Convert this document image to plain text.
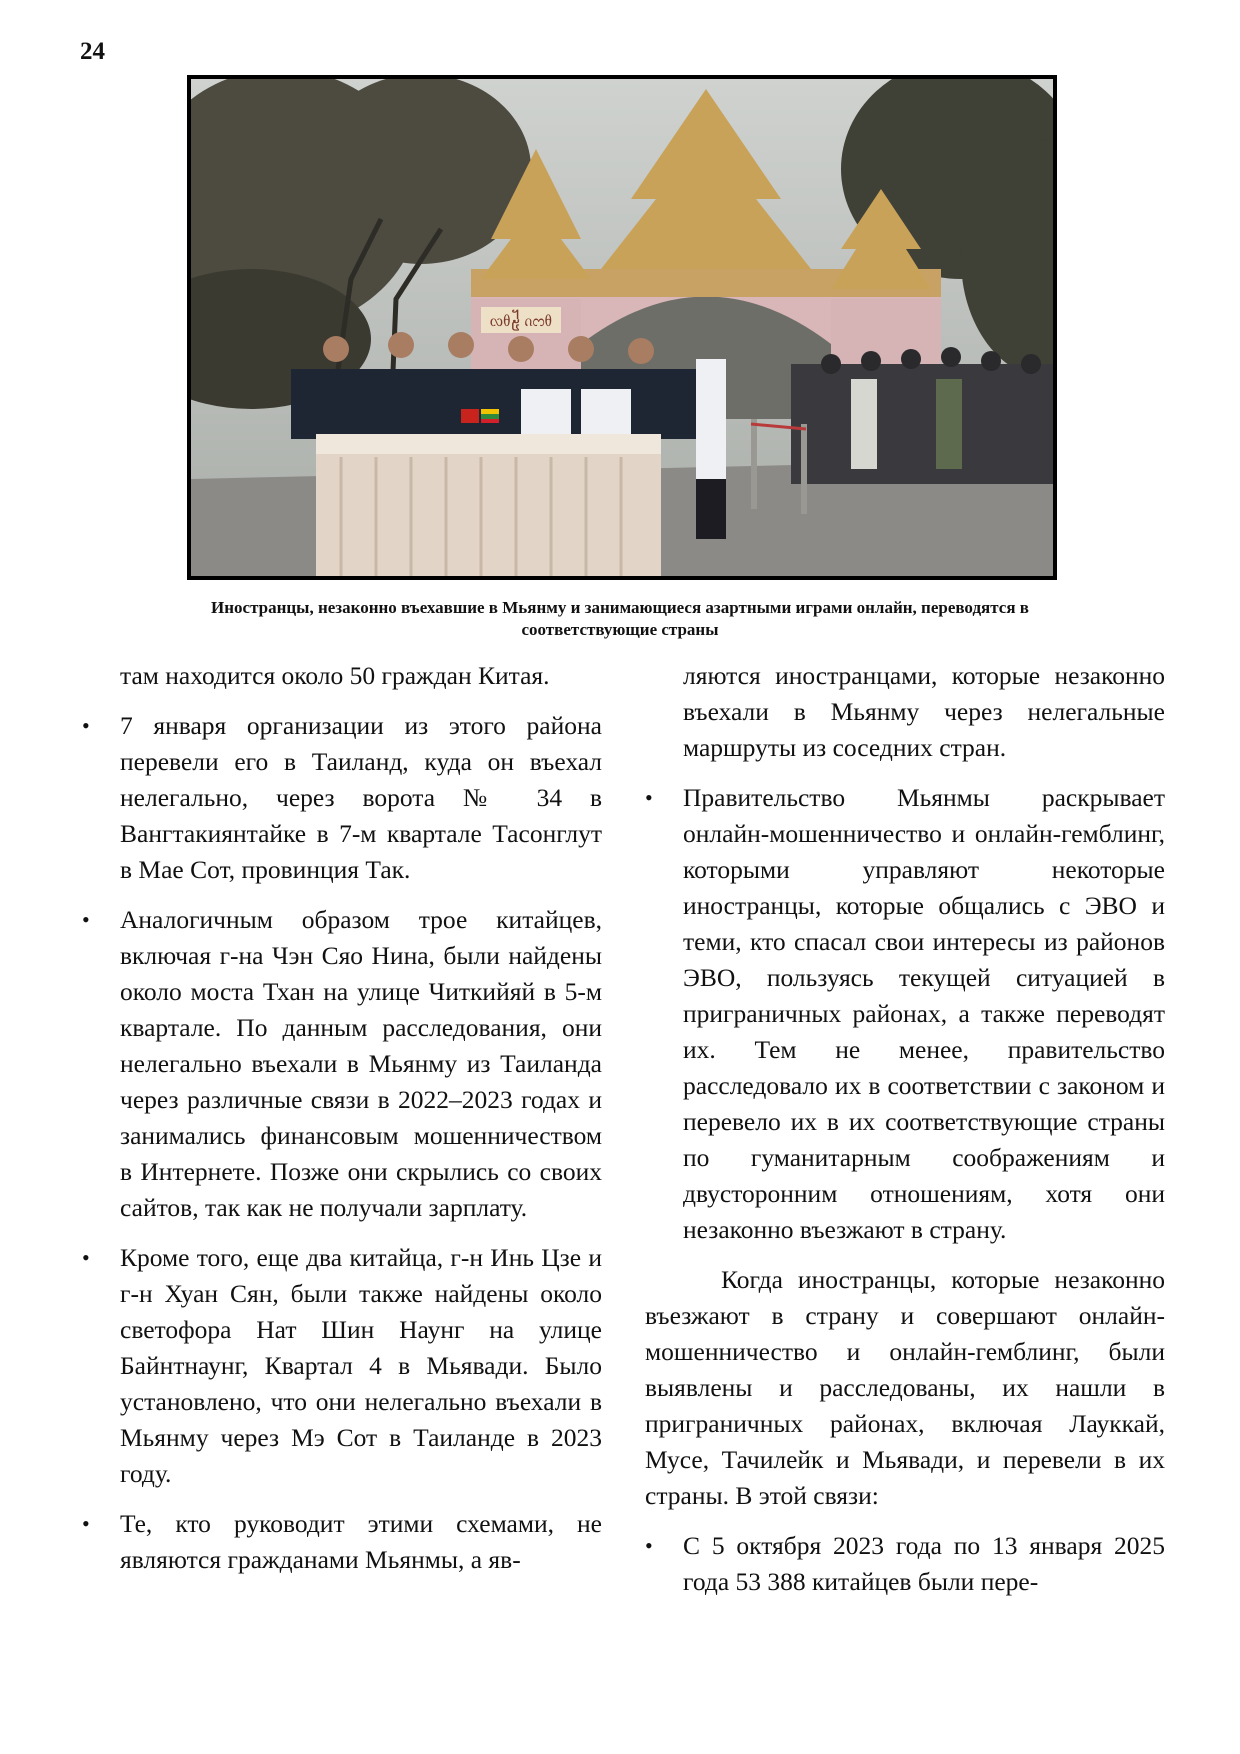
24
ᦟᦲ᧵ ᦵᦂᦲ
Иностранцы, незаконно въехавшие в Мьянму и занимающиеся азартными играми онлайн, переводятся в соответствующие страны

там находится около 50 граждан Китая.

• 7 января организации из этого района перевели его в Таиланд, куда он въехал нелегально, через ворота № 34 в Вангтакиянтайке в 7-м квартале Тасонглут в Мае Сот, провинция Так.
• Аналогичным образом трое китайцев, включая г-на Чэн Сяо Нина, были найдены около моста Тхан на улице Читкийяй в 5-м квартале. По данным расследования, они нелегально въехали в Мьянму из Таиланда через различные связи в 2022–2023 годах и занимались финансовым мошенничеством в Интернете. Позже они скрылись со своих сайтов, так как не получали зарплату.
• Кроме того, еще два китайца, г-н Инь Цзе и г-н Хуан Сян, были также найдены около светофора Нат Шин Наунг на улице Байнтнаунг, Квартал 4 в Мьявади. Было установлено, что они нелегально въехали в Мьянму через Мэ Сот в Таиланде в 2023 году.
• Те, кто руководит этими схемами, не являются гражданами Мьянмы, а яв-

ляются иностранцами, которые незаконно въехали в Мьянму через нелегальные маршруты из соседних стран.

• Правительство Мьянмы раскрывает онлайн-мошенничество и онлайн-гемблинг, которыми управляют некоторые иностранцы, которые общались с ЭВО и теми, кто спасал свои интересы из районов ЭВО, пользуясь текущей ситуацией в приграничных районах, а также переводят их. Тем не менее, правительство расследовало их в соответствии с законом и перевело их в их соответствующие страны по гуманитарным соображениям и двусторонним отношениям, хотя они незаконно въезжают в страну.

Когда иностранцы, которые незаконно въезжают в страну и совершают онлайн-мошенничество и онлайн-гемблинг, были выявлены и расследованы, их нашли в приграничных районах, включая Лауккай, Мусе, Тачилейк и Мьявади, и перевели в их страны. В этой связи:

• С 5 октября 2023 года по 13 января 2025 года 53 388 китайцев были пере-
